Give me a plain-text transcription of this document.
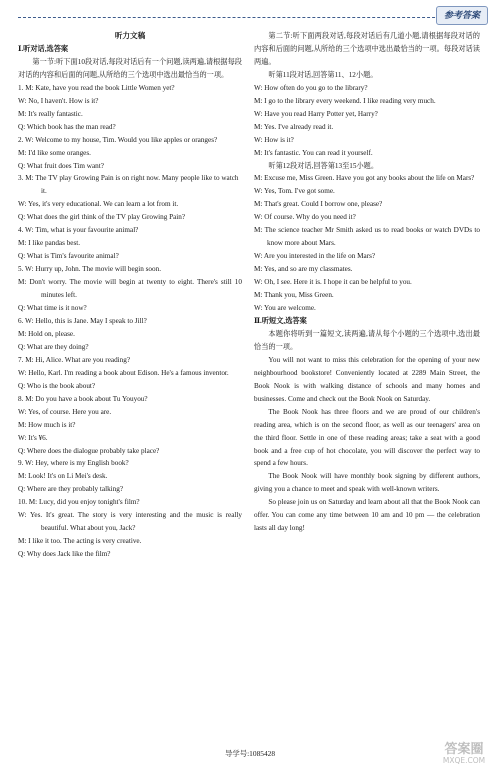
参考答案
听力文稿
Ⅰ.听对话,选答案
第一节:听下面10段对话,每段对话后有一个问题,读两遍,请根据每段对话的内容和后面的问题,从所给的三个选项中选出最恰当的一项。
1. M: Kate, have you read the book Little Women yet?
W: No, I haven't. How is it?
M: It's really fantastic.
Q: Which book has the man read?
2. W: Welcome to my house, Tim. Would you like apples or oranges?
M: I'd like some oranges.
Q: What fruit does Tim want?
3. M: The TV play Growing Pain is on right now. Many people like to watch it.
W: Yes, it's very educational. We can learn a lot from it.
Q: What does the girl think of the TV play Growing Pain?
4. W: Tim, what is your favourite animal?
M: I like pandas best.
Q: What is Tim's favourite animal?
5. W: Hurry up, John. The movie will begin soon.
M: Don't worry. The movie will begin at twenty to eight. There's still 10 minutes left.
Q: What time is it now?
6. W: Hello, this is Jane. May I speak to Jill?
M: Hold on, please.
Q: What are they doing?
7. M: Hi, Alice. What are you reading?
W: Hello, Karl. I'm reading a book about Edison. He's a famous inventor.
Q: Who is the book about?
8. M: Do you have a book about Tu Youyou?
W: Yes, of course. Here you are.
M: How much is it?
W: It's ¥6.
Q: Where does the dialogue probably take place?
9. W: Hey, where is my English book?
M: Look! It's on Li Mei's desk.
Q: Where are they probably talking?
10. M: Lucy, did you enjoy tonight's film?
W: Yes. It's great. The story is very interesting and the music is really beautiful. What about you, Jack?
M: I like it too. The acting is very creative.
Q: Why does Jack like the film?
第二节:听下面两段对话,每段对话后有几道小题,请根据每段对话的内容和后面的问题,从所给的三个选项中选出最恰当的一项。每段对话读两遍。
听第11段对话,回答第11、12小题。
W: How often do you go to the library?
M: I go to the library every weekend. I like reading very much.
W: Have you read Harry Potter yet, Harry?
M: Yes. I've already read it.
W: How is it?
M: It's fantastic. You can read it yourself.
听第12段对话,回答第13至15小题。
M: Excuse me, Miss Green. Have you got any books about the life on Mars?
W: Yes, Tom. I've got some.
M: That's great. Could I borrow one, please?
W: Of course. Why do you need it?
M: The science teacher Mr Smith asked us to read books or watch DVDs to know more about Mars.
W: Are you interested in the life on Mars?
M: Yes, and so are my classmates.
W: Oh, I see. Here it is. I hope it can be helpful to you.
M: Thank you, Miss Green.
W: You are welcome.
Ⅱ.听短文,选答案
本题你将听到一篇短文,读两遍,请从每个小题的三个选项中,选出最恰当的一项。
You will not want to miss this celebration for the opening of your new neighbourhood bookstore! Conveniently located at 2289 Main Street, the Book Nook is with walking distance of schools and many homes and businesses. Come and check out the Book Nook on Saturday.
The Book Nook has three floors and we are proud of our children's reading area, which is on the second floor, as well as our teenagers' area on the third floor. Settle in one of these reading areas; take a seat with a good book and a free cup of hot chocolate, you will discover the perfect way to spend a few hours.
The Book Nook will have monthly book signing by different authors, giving you a chance to meet and speak with well-known writers.
So please join us on Saturday and learn about all that the Book Nook can offer. You can come any time between 10 am and 10 pm — the celebration lasts all day long!
导学号:1085428	答案圈
MXQE.COM
